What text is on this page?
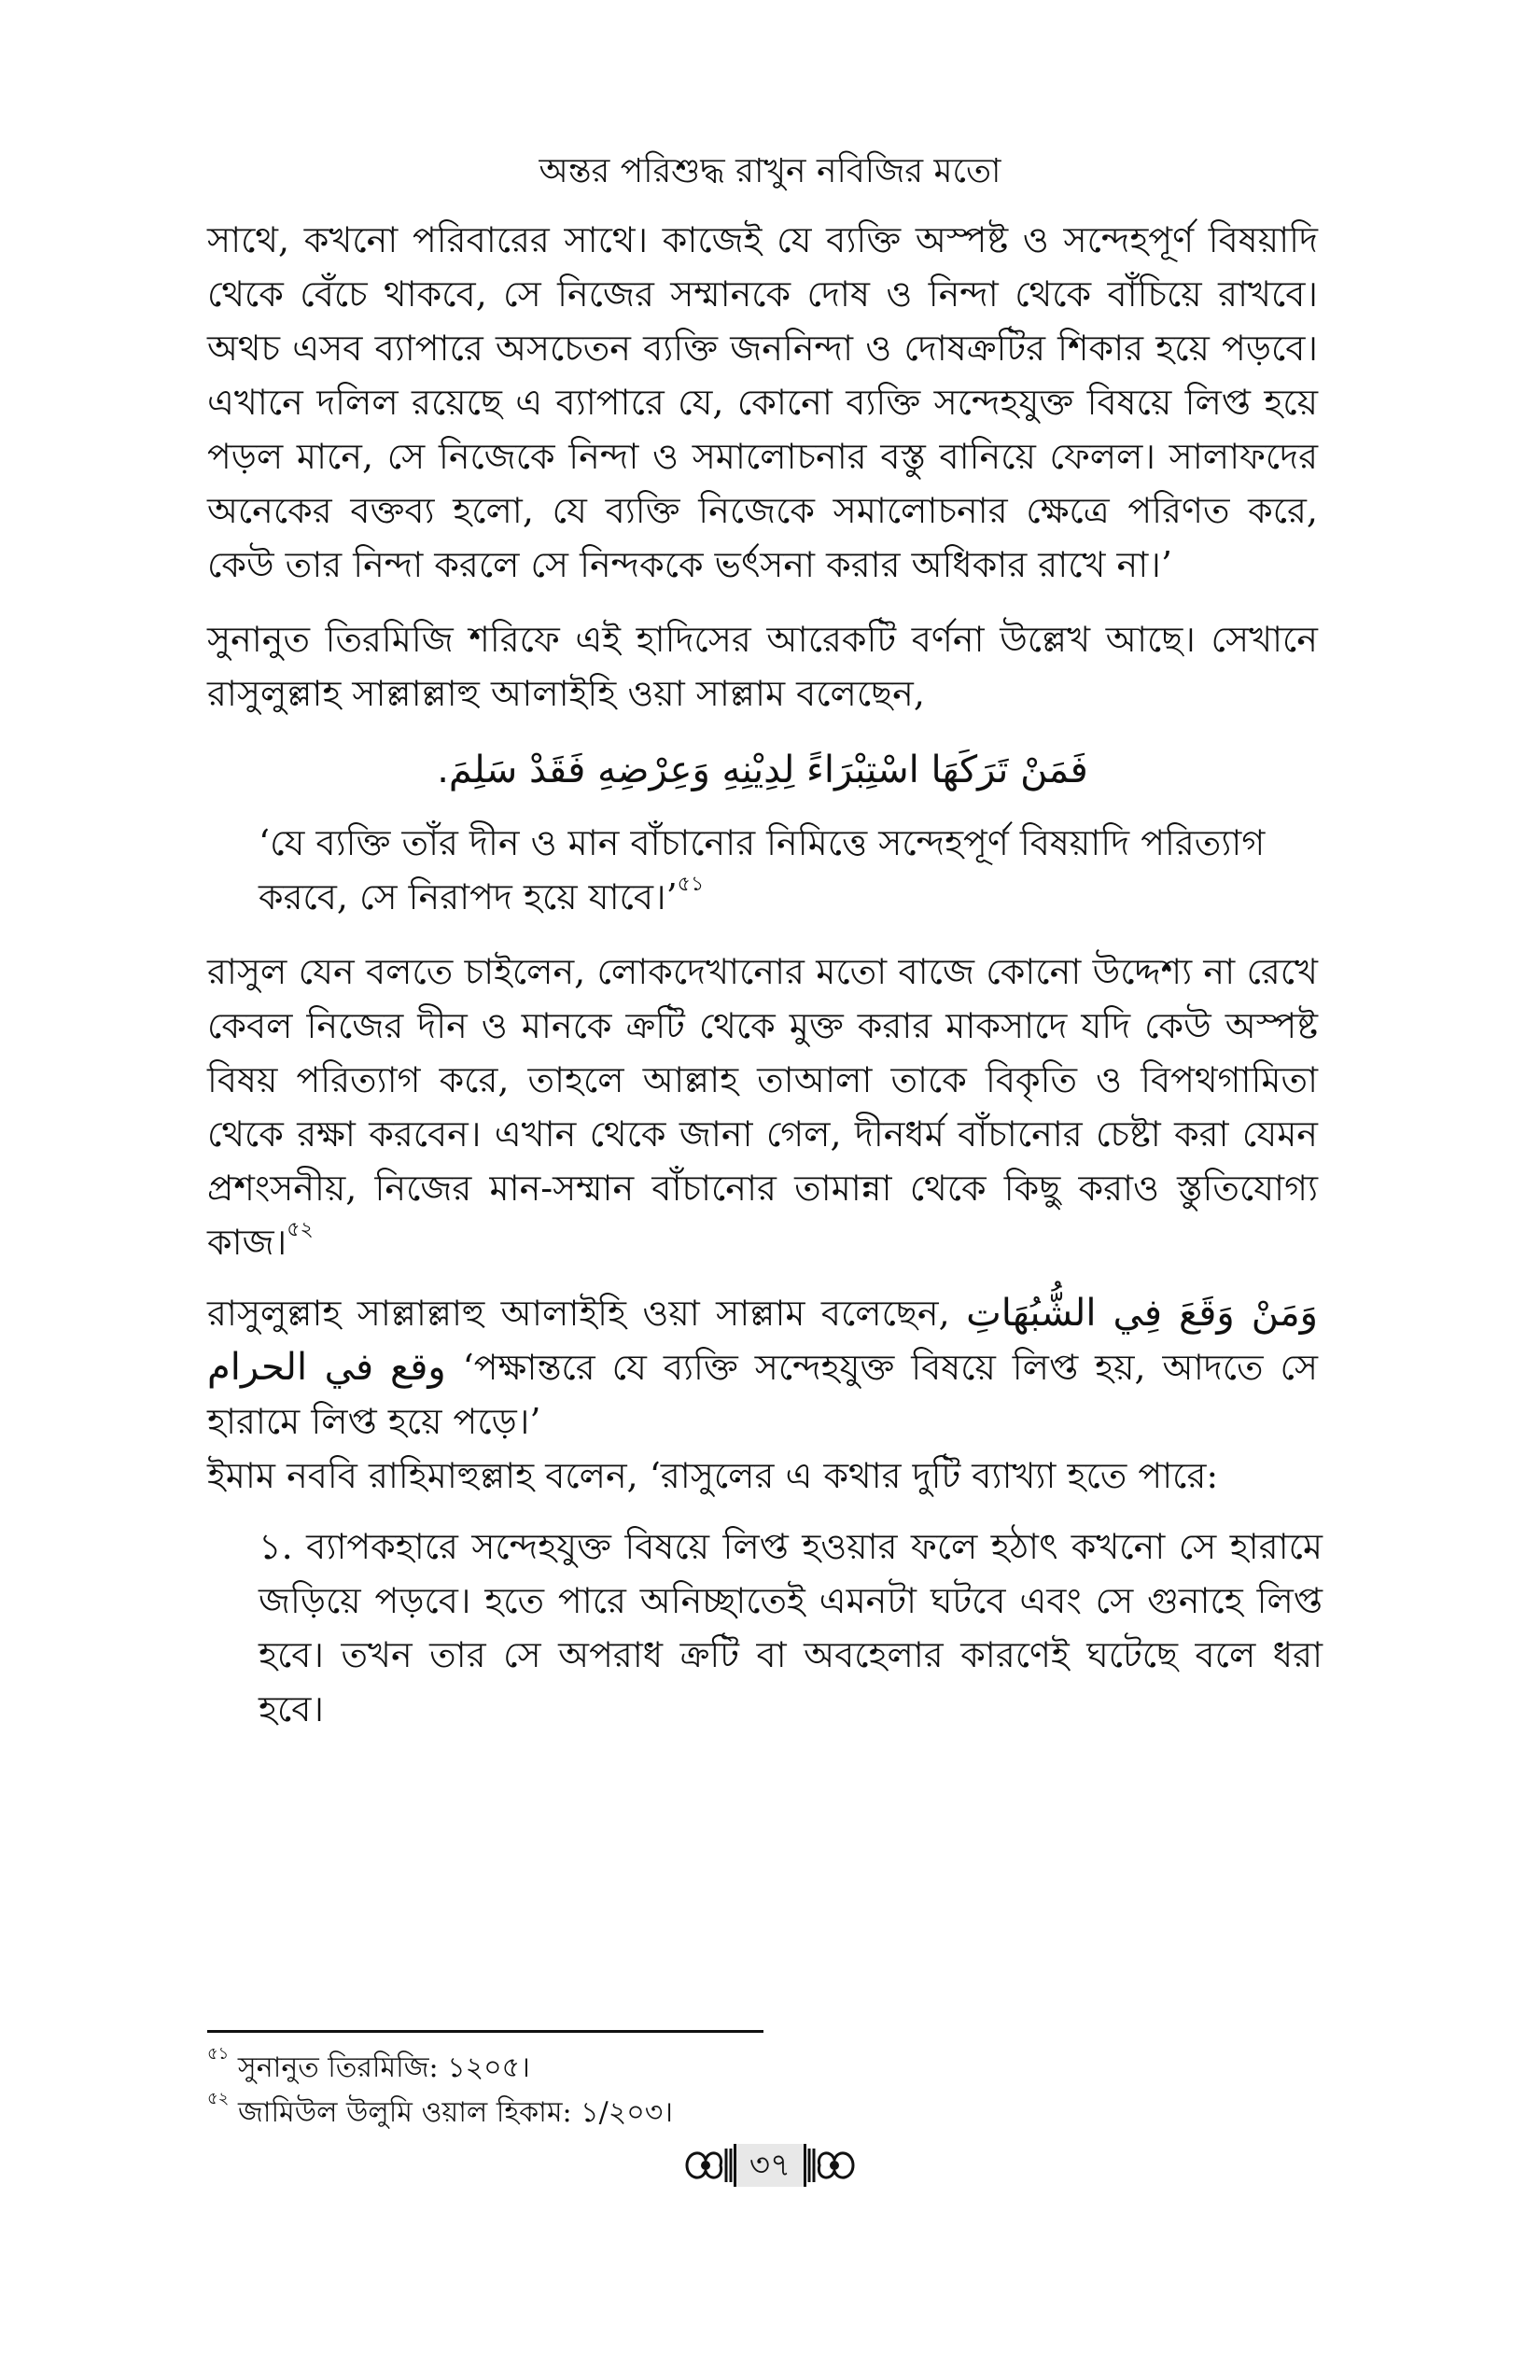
অন্তর পরিশুদ্ধ রাখুন নবিজির মতো

সাথে, কখনো পরিবারের সাথে। কাজেই যে ব্যক্তি অস্পষ্ট ও সন্দেহপূর্ণ বিষয়াদি থেকে বেঁচে থাকবে, সে নিজের সম্মানকে দোষ ও নিন্দা থেকে বাঁচিয়ে রাখবে। অথচ এসব ব্যাপারে অসচেতন ব্যক্তি জননিন্দা ও দোষক্রটির শিকার হয়ে পড়বে। এখানে দলিল রয়েছে এ ব্যাপারে যে, কোনো ব্যক্তি সন্দেহযুক্ত বিষয়ে লিপ্ত হয়ে পড়ল মানে, সে নিজেকে নিন্দা ও সমালোচনার বস্তু বানিয়ে ফেলল। সালাফদের অনেকের বক্তব্য হলো, যে ব্যক্তি নিজেকে সমালোচনার ক্ষেত্রে পরিণত করে, কেউ তার নিন্দা করলে সে নিন্দককে ভর্ৎসনা করার অধিকার রাখে না।’

সুনানুত তিরমিজি শরিফে এই হাদিসের আরেকটি বর্ণনা উল্লেখ আছে। সেখানে রাসুলুল্লাহ সাল্লাল্লাহু আলাইহি ওয়া সাল্লাম বলেছেন,

فَمَنْ تَرَكَهَا اسْتِبْرَاءً لِدِيْنِهِ وَعِرْضِهِ فَقَدْ سَلِمَ.

‘যে ব্যক্তি তাঁর দীন ও মান বাঁচানোর নিমিত্তে সন্দেহপূর্ণ বিষয়াদি পরিত্যাগ করবে, সে নিরাপদ হয়ে যাবে।’$^{৫১}$

রাসুল যেন বলতে চাইলেন, লোকদেখানোর মতো বাজে কোনো উদ্দেশ্য না রেখে কেবল নিজের দীন ও মানকে ক্রটি থেকে মুক্ত করার মাকসাদে যদি কেউ অস্পষ্ট বিষয় পরিত্যাগ করে, তাহলে আল্লাহ তাআলা তাকে বিকৃতি ও বিপথগামিতা থেকে রক্ষা করবেন। এখান থেকে জানা গেল, দীনধর্ম বাঁচানোর চেষ্টা করা যেমন প্রশংসনীয়, নিজের মান-সম্মান বাঁচানোর তামান্না থেকে কিছু করাও স্তুতিযোগ্য কাজ।$^{৫২}$

রাসুলুল্লাহ সাল্লাল্লাহু আলাইহি ওয়া সাল্লাম বলেছেন, وَمَنْ وَقَعَ فِي الشُّبُهَاتِ وقع في الحرام	‘পক্ষান্তরে যে ব্যক্তি সন্দেহযুক্ত বিষয়ে লিপ্ত হয়, আদতে সে হারামে লিপ্ত হয়ে পড়ে।’

ইমাম নববি রাহিমাহুল্লাহ বলেন, ‘রাসুলের এ কথার দুটি ব্যাখ্যা হতে পারে:

১. ব্যাপকহারে সন্দেহযুক্ত বিষয়ে লিপ্ত হওয়ার ফলে হঠাৎ কখনো সে হারামে জড়িয়ে পড়বে। হতে পারে অনিচ্ছাতেই এমনটা ঘটবে এবং সে গুনাহে লিপ্ত হবে। তখন তার সে অপরাধ ক্রটি বা অবহেলার কারণেই ঘটেছে বলে ধরা হবে।

$^{৫১}$ সুনানুত তিরমিজি: ১২০৫।
$^{৫২}$ জামিউল উলুমি ওয়াল হিকাম: ১/২০৩।
৩৭
